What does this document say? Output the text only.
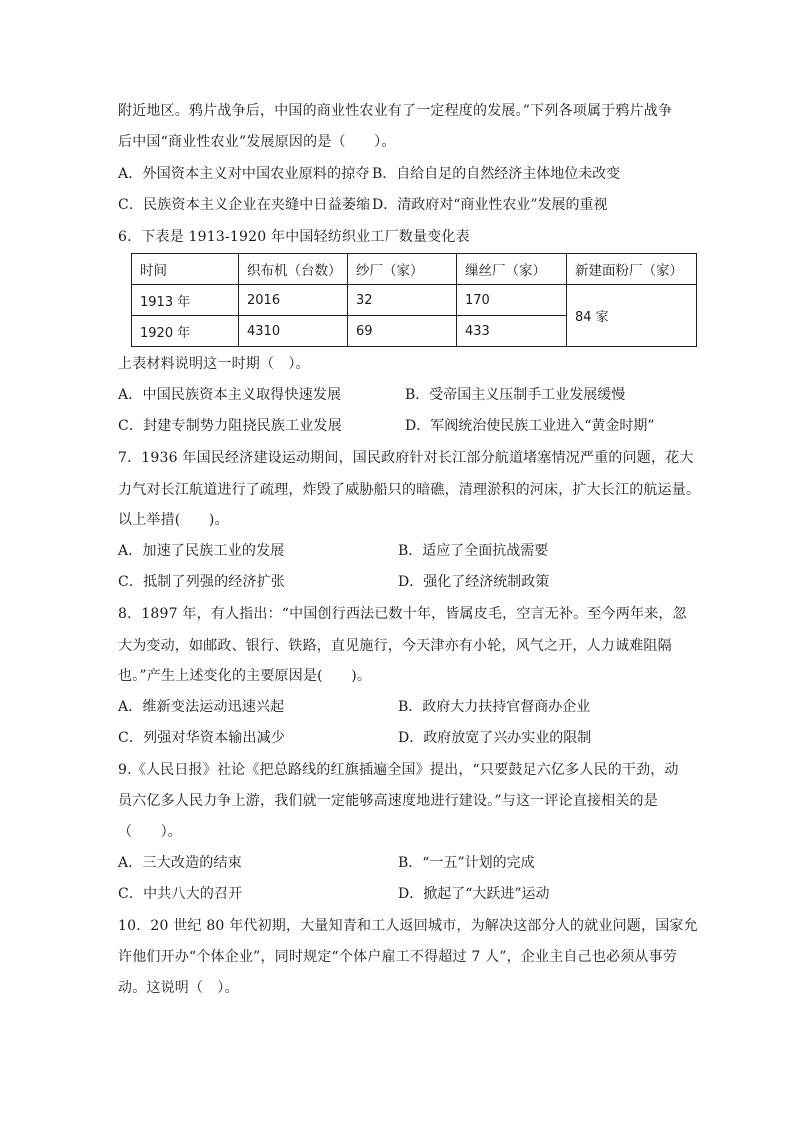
附近地区。鸦片战争后，中国的商业性农业有了一定程度的发展。”下列各项属于鸦片战争
后中国“商业性农业”发展原因的是（　　）。
A．外国资本主义对中国农业原料的掠夺 B．自给自足的自然经济主体地位未改变
C．民族资本主义企业在夹缝中日益萎缩 D．清政府对“商业性农业”发展的重视
6．下表是 1913-1920 年中国轻纺织业工厂数量变化表
时间	织布机（台数）	纱厂（家）	缫丝厂（家）	新建面粉厂（家）
1913 年	2016	32	170	84 家
1920 年	4310	69	433	
上表材料说明这一时期（　）。
A．中国民族资本主义取得快速发展	B．受帝国主义压制手工业发展缓慢
C．封建专制势力阻挠民族工业发展	D．军阀统治使民族工业进入“黄金时期”
7．1936 年国民经济建设运动期间，国民政府针对长江部分航道堵塞情况严重的问题，花大
力气对长江航道进行了疏理，炸毁了威胁船只的暗礁，清理淤积的河床，扩大长江的航运量。
以上举措(　　)。
A．加速了民族工业的发展	B．适应了全面抗战需要
C．抵制了列强的经济扩张	D．强化了经济统制政策
8．1897 年，有人指出：“中国创行西法已数十年，皆属皮毛，空言无补。至今两年来，忽
大为变动，如邮政、银行、铁路，直见施行，今天津亦有小轮，风气之开，人力诚难阻隔
也。”产生上述变化的主要原因是(　　)。
A．维新变法运动迅速兴起	B．政府大力扶持官督商办企业
C．列强对华资本输出减少	D．政府放宽了兴办实业的限制
9.《人民日报》社论《把总路线的红旗插遍全国》提出，“只要鼓足六亿多人民的干劲，动
员六亿多人民力争上游，我们就一定能够高速度地进行建设。”与这一评论直接相关的是
（　　）。
A．三大改造的结束	B．“一五”计划的完成
C．中共八大的召开	D．掀起了“大跃进”运动
10．20 世纪 80 年代初期，大量知青和工人返回城市，为解决这部分人的就业问题，国家允
许他们开办“个体企业”，同时规定“个体户雇工不得超过 7 人”，企业主自己也必须从事劳
动。这说明（　）。
